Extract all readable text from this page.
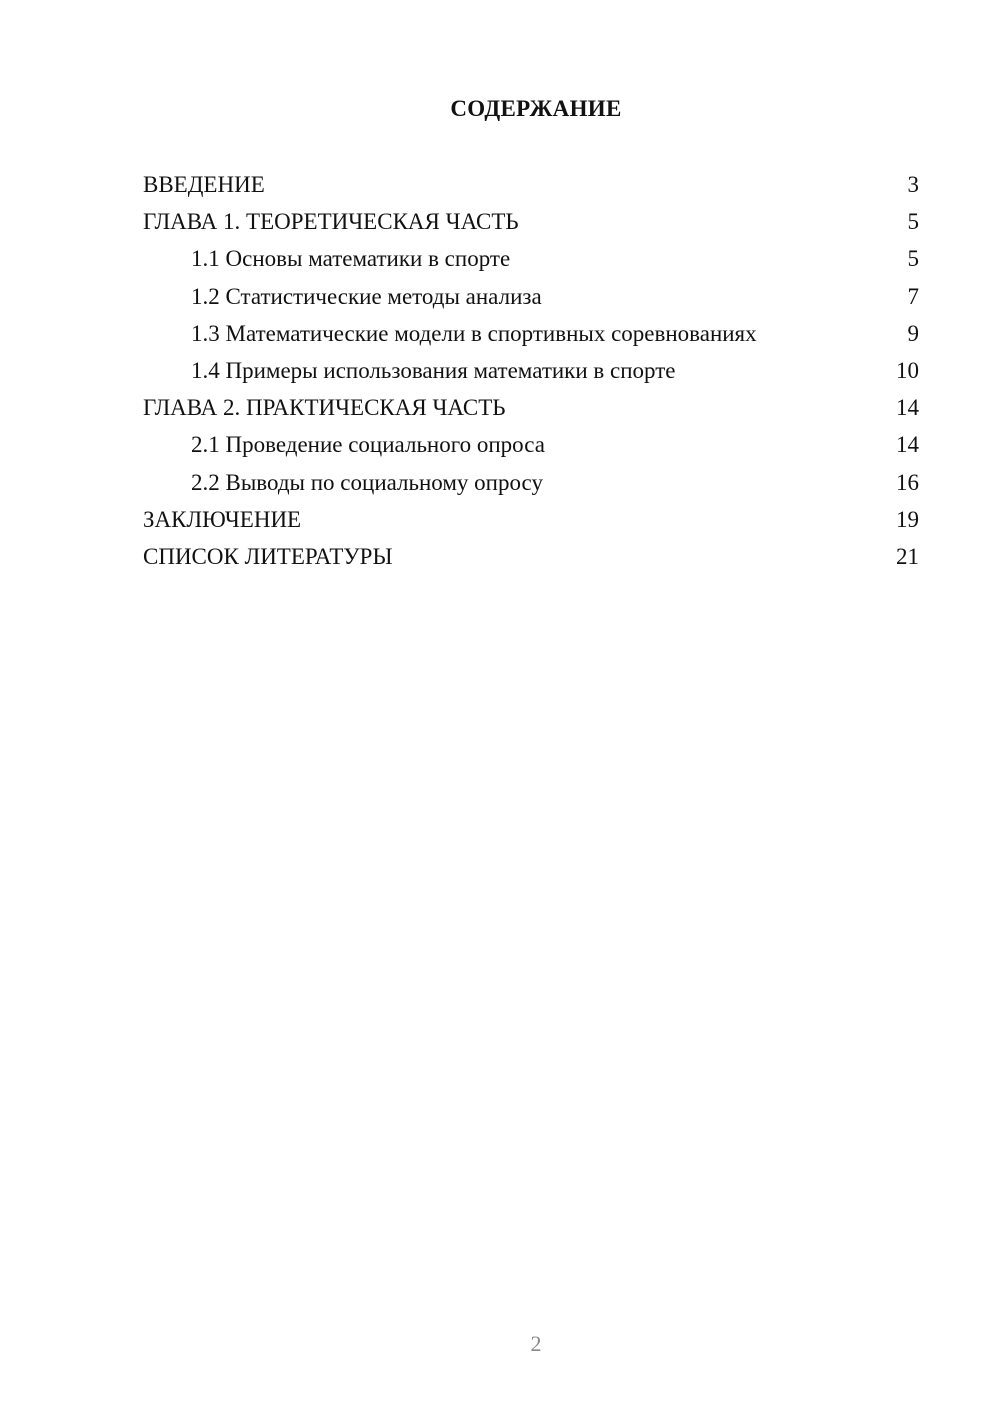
СОДЕРЖАНИЕ
ВВЕДЕНИЕ	3
ГЛАВА 1. ТЕОРЕТИЧЕСКАЯ ЧАСТЬ	5
1.1 Основы математики в спорте	5
1.2 Статистические методы анализа	7
1.3 Математические модели в спортивных соревнованиях	9
1.4 Примеры использования математики в спорте	10
ГЛАВА 2. ПРАКТИЧЕСКАЯ ЧАСТЬ	14
2.1 Проведение социального опроса	14
2.2 Выводы по социальному опросу	16
ЗАКЛЮЧЕНИЕ	19
СПИСОК ЛИТЕРАТУРЫ	21
2
